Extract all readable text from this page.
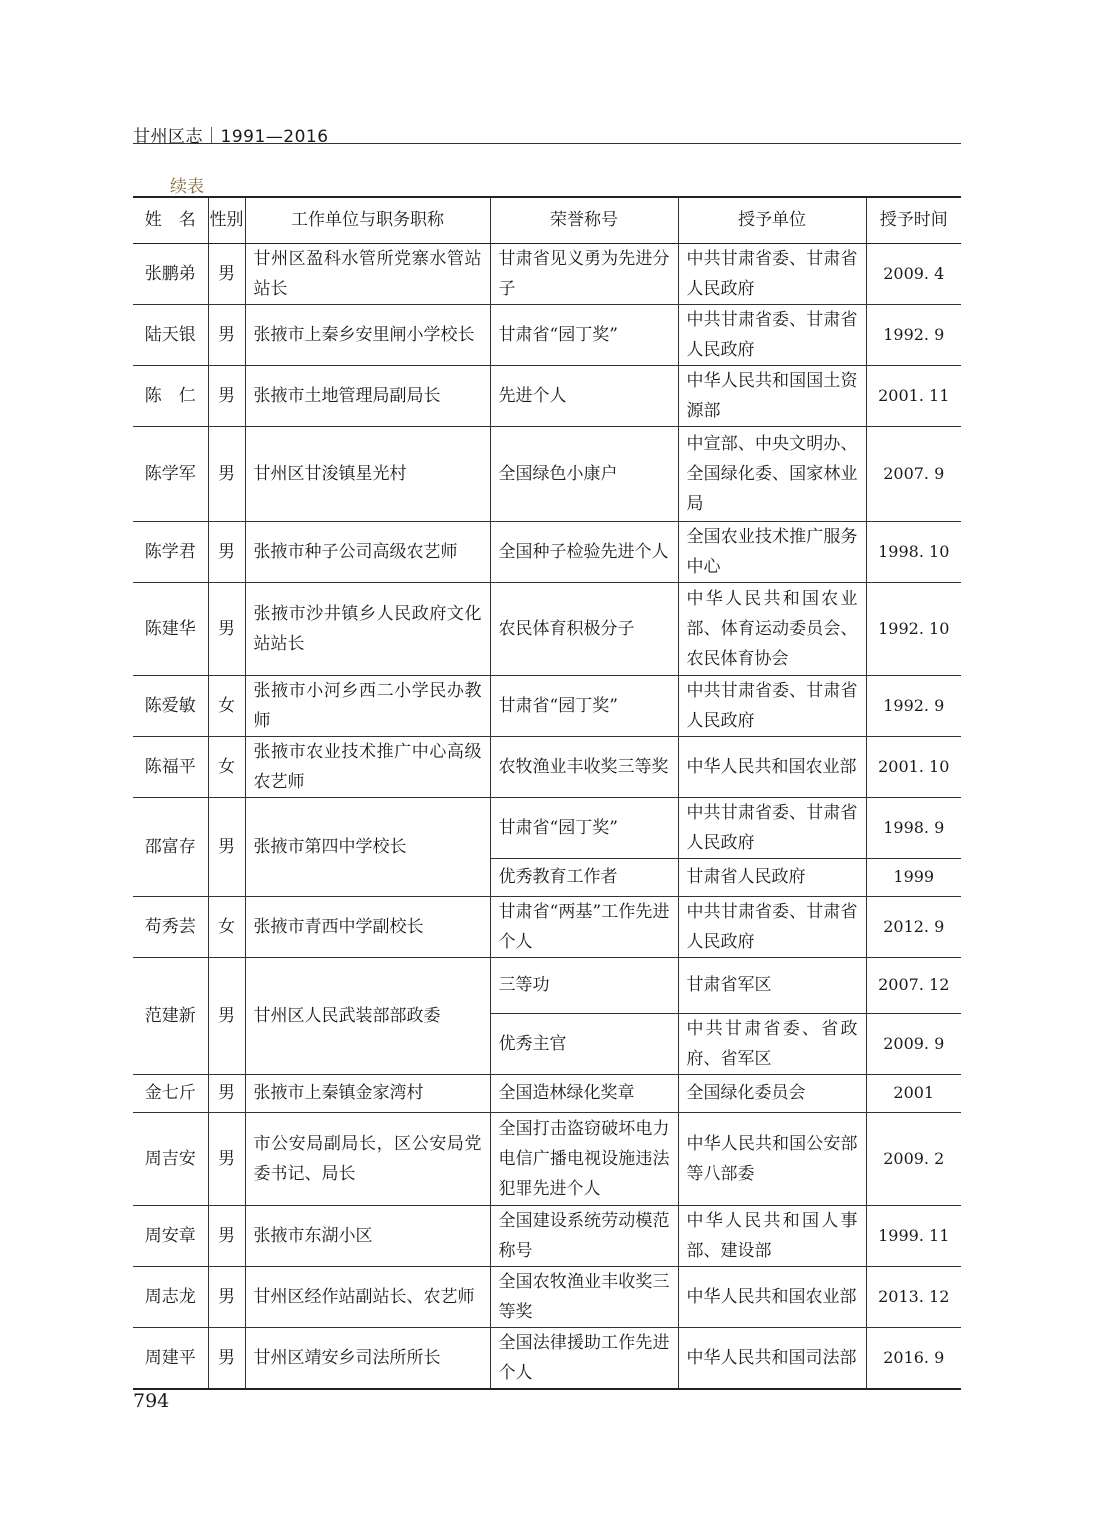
甘州区志｜1991—2016
续表
姓　名	性别	工作单位与职务职称	荣誉称号	授予单位	授予时间
张鹏弟	男	甘州区盈科水管所党寨水管站站长	甘肃省见义勇为先进分子	中共甘肃省委、甘肃省人民政府	2009. 4
陆天银	男	张掖市上秦乡安里闸小学校长	甘肃省“园丁奖”	中共甘肃省委、甘肃省人民政府	1992. 9
陈　仁	男	张掖市土地管理局副局长	先进个人	中华人民共和国国土资源部	2001. 11
陈学军	男	甘州区甘浚镇星光村	全国绿色小康户	中宣部、中央文明办、全国绿化委、国家林业局	2007. 9
陈学君	男	张掖市种子公司高级农艺师	全国种子检验先进个人	全国农业技术推广服务中心	1998. 10
陈建华	男	张掖市沙井镇乡人民政府文化站站长	农民体育积极分子	中华人民共和国农业部、体育运动委员会、农民体育协会	1992. 10
陈爱敏	女	张掖市小河乡西二小学民办教师	甘肃省“园丁奖”	中共甘肃省委、甘肃省人民政府	1992. 9
陈福平	女	张掖市农业技术推广中心高级农艺师	农牧渔业丰收奖三等奖	中华人民共和国农业部	2001. 10
邵富存	男	张掖市第四中学校长	甘肃省“园丁奖”	中共甘肃省委、甘肃省人民政府	1998. 9
			优秀教育工作者	甘肃省人民政府	1999
苟秀芸	女	张掖市青西中学副校长	甘肃省“两基”工作先进个人	中共甘肃省委、甘肃省人民政府	2012. 9
范建新	男	甘州区人民武装部部政委	三等功	甘肃省军区	2007. 12
			优秀主官	中共甘肃省委、省政府、省军区	2009. 9
金七斤	男	张掖市上秦镇金家湾村	全国造林绿化奖章	全国绿化委员会	2001
周吉安	男	市公安局副局长，区公安局党委书记、局长	全国打击盗窃破坏电力电信广播电视设施违法犯罪先进个人	中华人民共和国公安部等八部委	2009. 2
周安章	男	张掖市东湖小区	全国建设系统劳动模范称号	中华人民共和国人事部、建设部	1999. 11
周志龙	男	甘州区经作站副站长、农艺师	全国农牧渔业丰收奖三等奖	中华人民共和国农业部	2013. 12
周建平	男	甘州区靖安乡司法所所长	全国法律援助工作先进个人	中华人民共和国司法部	2016. 9
794
